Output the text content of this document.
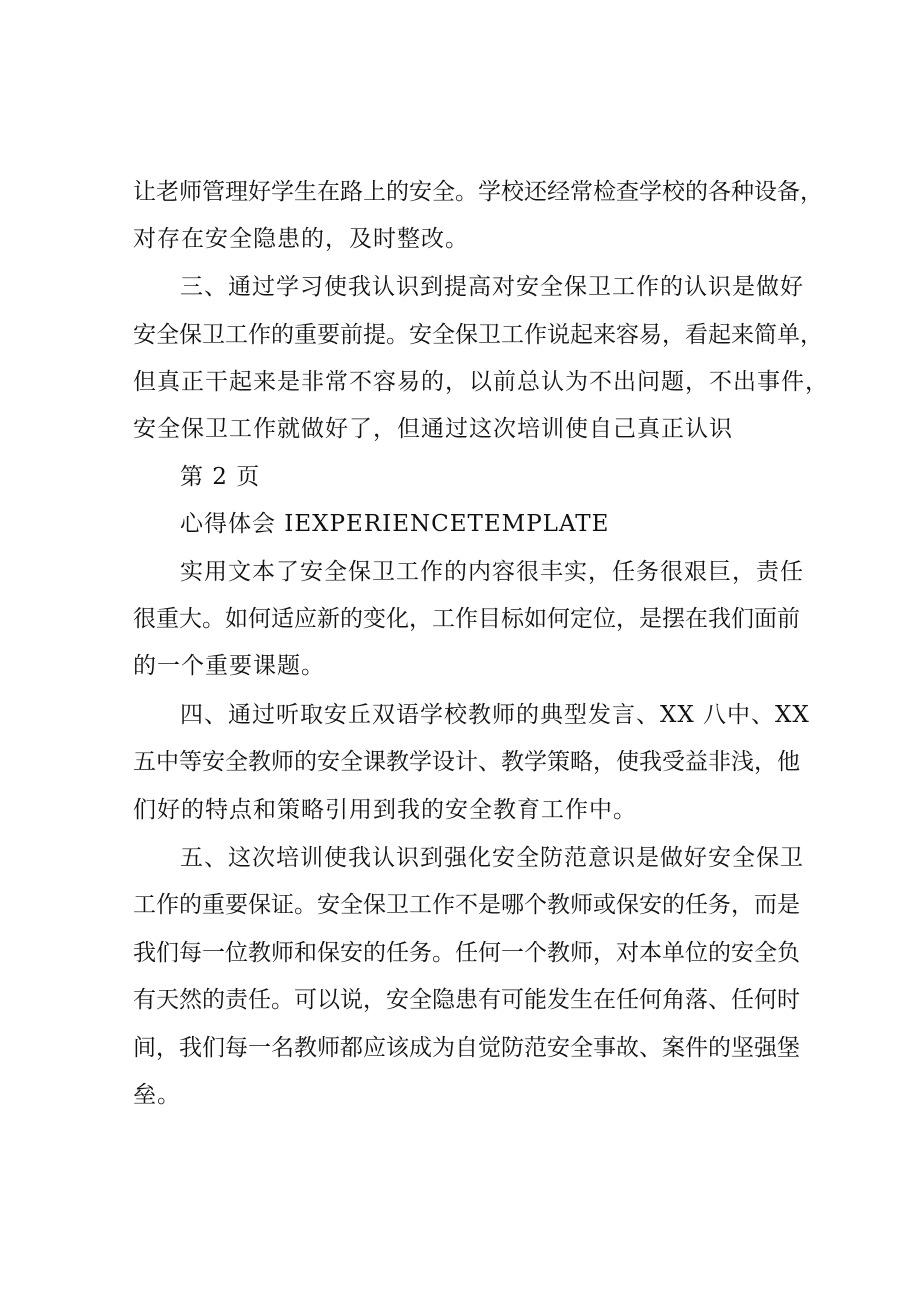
让老师管理好学生在路上的安全。学校还经常检查学校的各种设备，
对存在安全隐患的，及时整改。
三、通过学习使我认识到提高对安全保卫工作的认识是做好
安全保卫工作的重要前提。安全保卫工作说起来容易，看起来简单，
但真正干起来是非常不容易的，以前总认为不出问题，不出事件，
安全保卫工作就做好了，但通过这次培训使自己真正认识
第 2 页
心得体会 IEXPERIENCETEMPLATE
实用文本了安全保卫工作的内容很丰实，任务很艰巨，责任
很重大。如何适应新的变化，工作目标如何定位，是摆在我们面前
的一个重要课题。
四、通过听取安丘双语学校教师的典型发言、XX 八中、XX
五中等安全教师的安全课教学设计、教学策略，使我受益非浅，他
们好的特点和策略引用到我的安全教育工作中。
五、这次培训使我认识到强化安全防范意识是做好安全保卫
工作的重要保证。安全保卫工作不是哪个教师或保安的任务，而是
我们每一位教师和保安的任务。任何一个教师，对本单位的安全负
有天然的责任。可以说，安全隐患有可能发生在任何角落、任何时
间，我们每一名教师都应该成为自觉防范安全事故、案件的坚强堡
垒。
